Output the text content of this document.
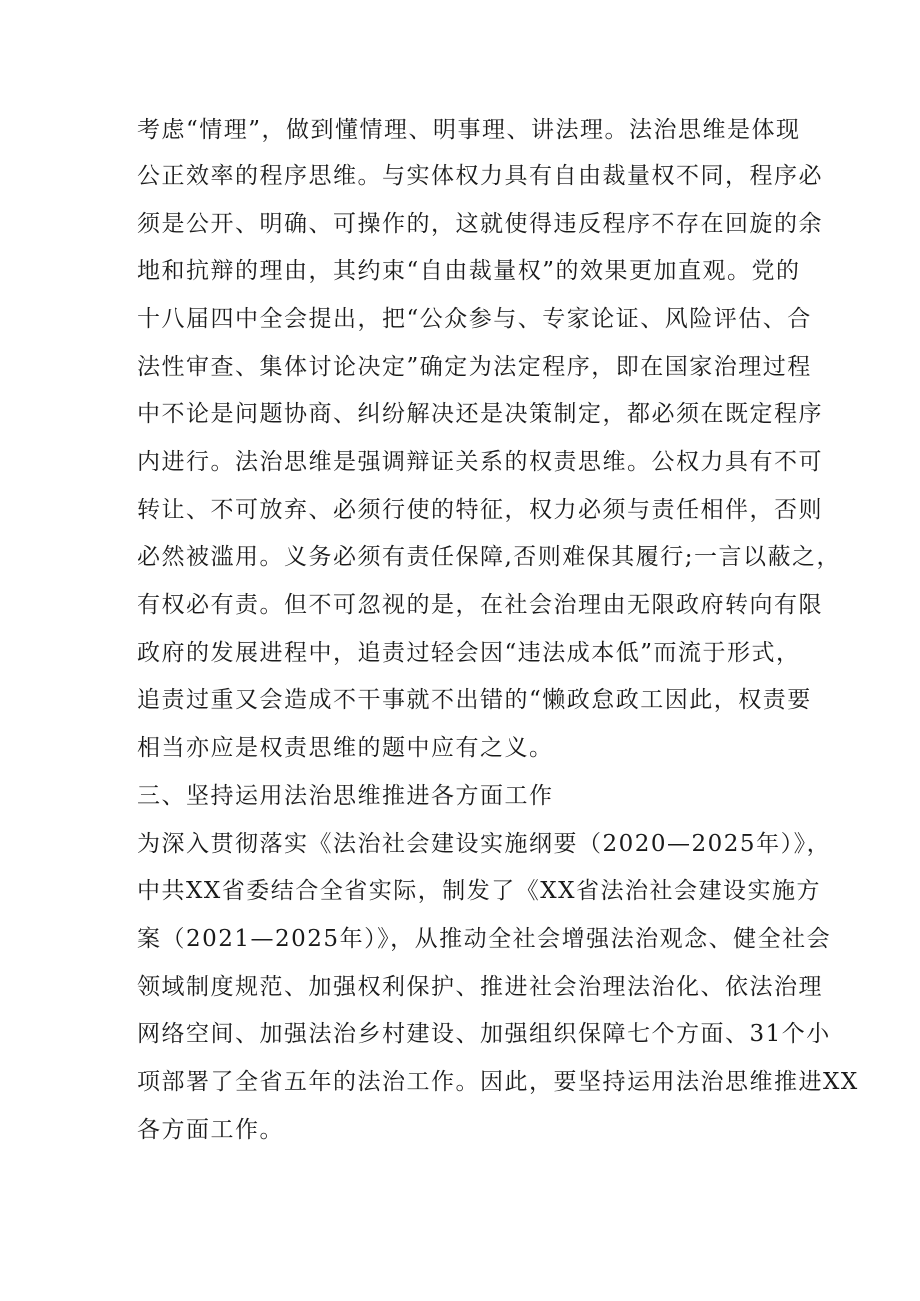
考虑“情理”，做到懂情理、明事理、讲法理。法治思维是体现
公正效率的程序思维。与实体权力具有自由裁量权不同，程序必
须是公开、明确、可操作的，这就使得违反程序不存在回旋的余
地和抗辩的理由，其约束“自由裁量权”的效果更加直观。党的
十八届四中全会提出，把“公众参与、专家论证、风险评估、合
法性审查、集体讨论决定”确定为法定程序，即在国家治理过程
中不论是问题协商、纠纷解决还是决策制定，都必须在既定程序
内进行。法治思维是强调辩证关系的权责思维。公权力具有不可
转让、不可放弃、必须行使的特征，权力必须与责任相伴，否则
必然被滥用。义务必须有责任保障,否则难保其履行;一言以蔽之，
有权必有责。但不可忽视的是，在社会治理由无限政府转向有限
政府的发展进程中，追责过轻会因“违法成本低”而流于形式，
追责过重又会造成不干事就不出错的“懒政怠政工因此，权责要
相当亦应是权责思维的题中应有之义。
三、坚持运用法治思维推进各方面工作
为深入贯彻落实《法治社会建设实施纲要（2020—2025年）》，
中共XX省委结合全省实际，制发了《XX省法治社会建设实施方
案（2021—2025年）》，从推动全社会增强法治观念、健全社会
领域制度规范、加强权利保护、推进社会治理法治化、依法治理
网络空间、加强法治乡村建设、加强组织保障七个方面、31个小
项部署了全省五年的法治工作。因此，要坚持运用法治思维推进XX
各方面工作。
